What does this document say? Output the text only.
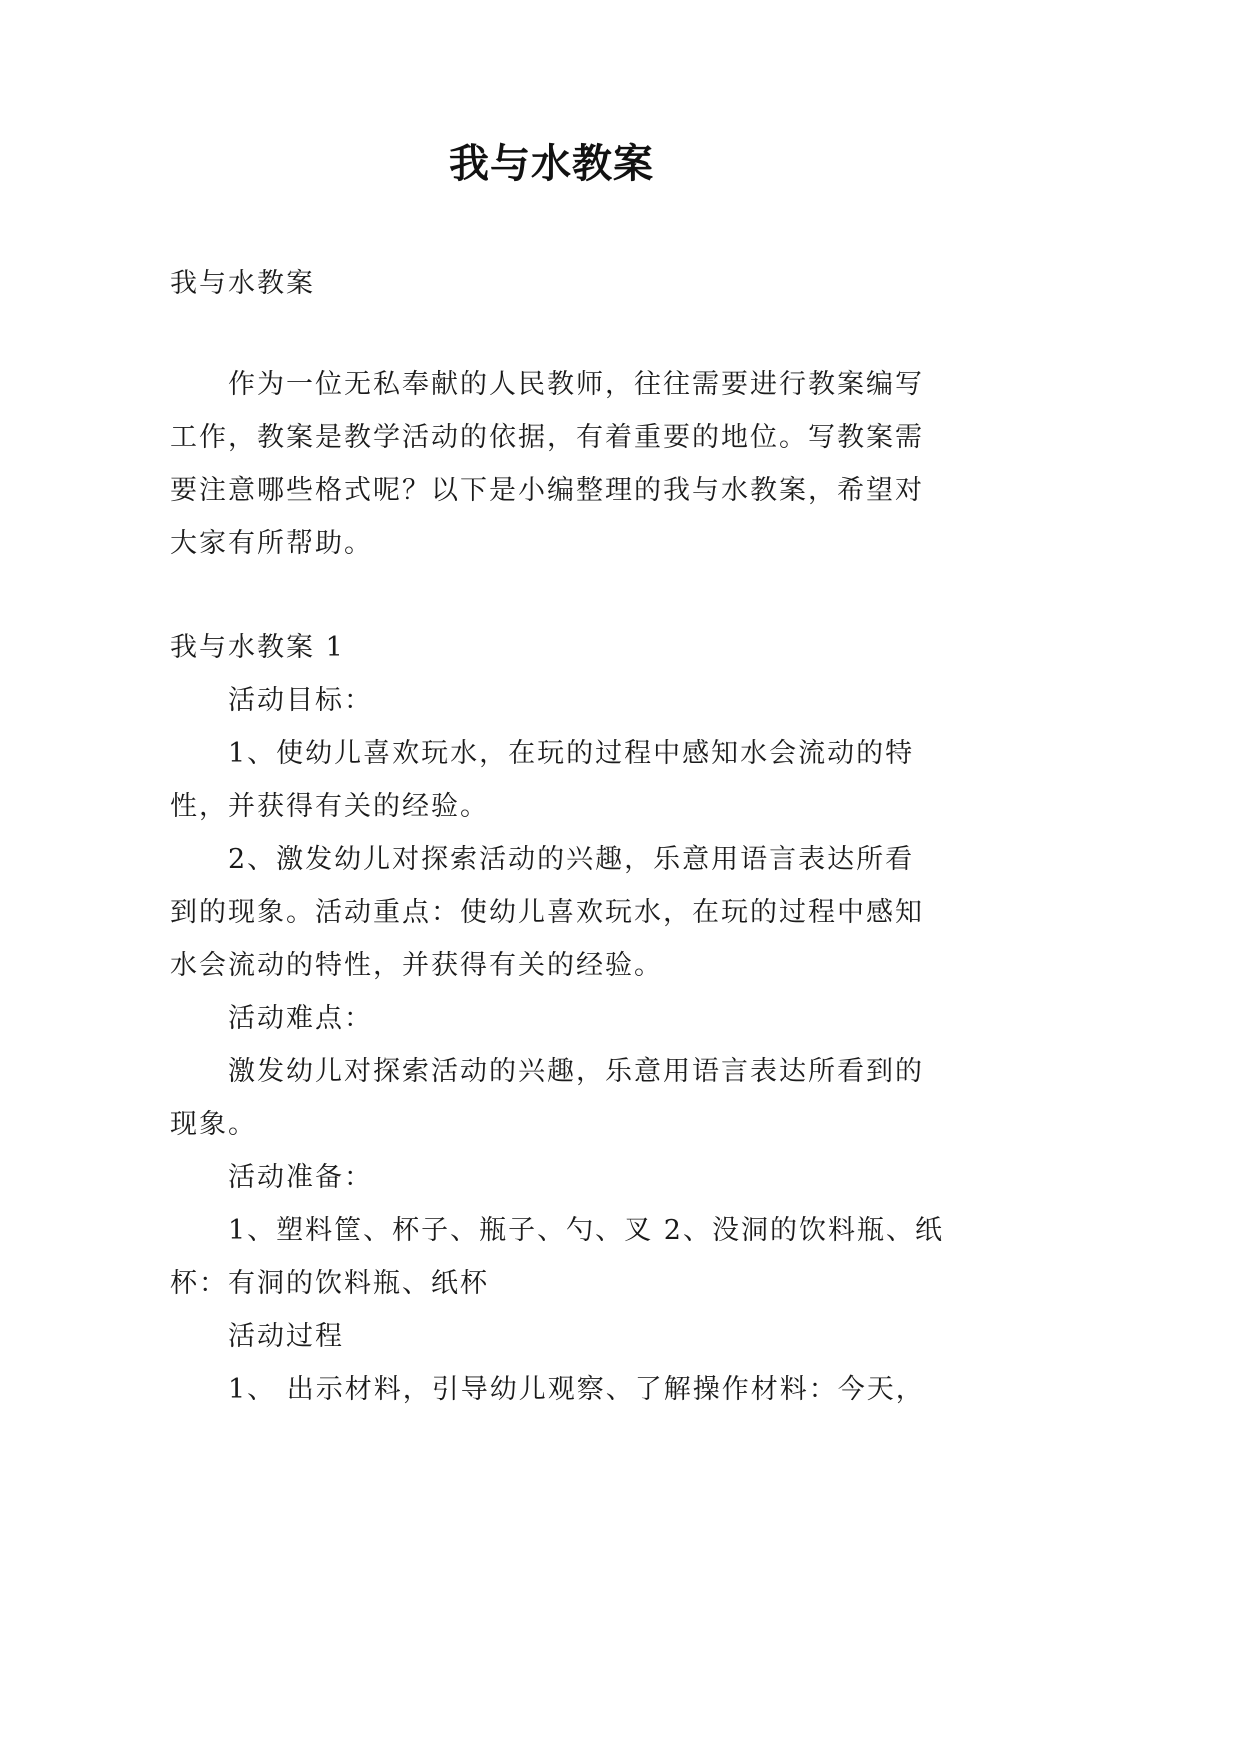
我与水教案
我与水教案
作为一位无私奉献的人民教师，往往需要进行教案编写
工作，教案是教学活动的依据，有着重要的地位。写教案需
要注意哪些格式呢？以下是小编整理的我与水教案，希望对
大家有所帮助。
我与水教案 1
活动目标：
1、使幼儿喜欢玩水，在玩的过程中感知水会流动的特
性，并获得有关的经验。
2、激发幼儿对探索活动的兴趣，乐意用语言表达所看
到的现象。活动重点：使幼儿喜欢玩水，在玩的过程中感知
水会流动的特性，并获得有关的经验。
活动难点：
激发幼儿对探索活动的兴趣，乐意用语言表达所看到的
现象。
活动准备：
1、塑料筐、杯子、瓶子、勺、叉 2、没洞的饮料瓶、纸
杯：有洞的饮料瓶、纸杯
活动过程
1、 出示材料，引导幼儿观察、了解操作材料：今天，
